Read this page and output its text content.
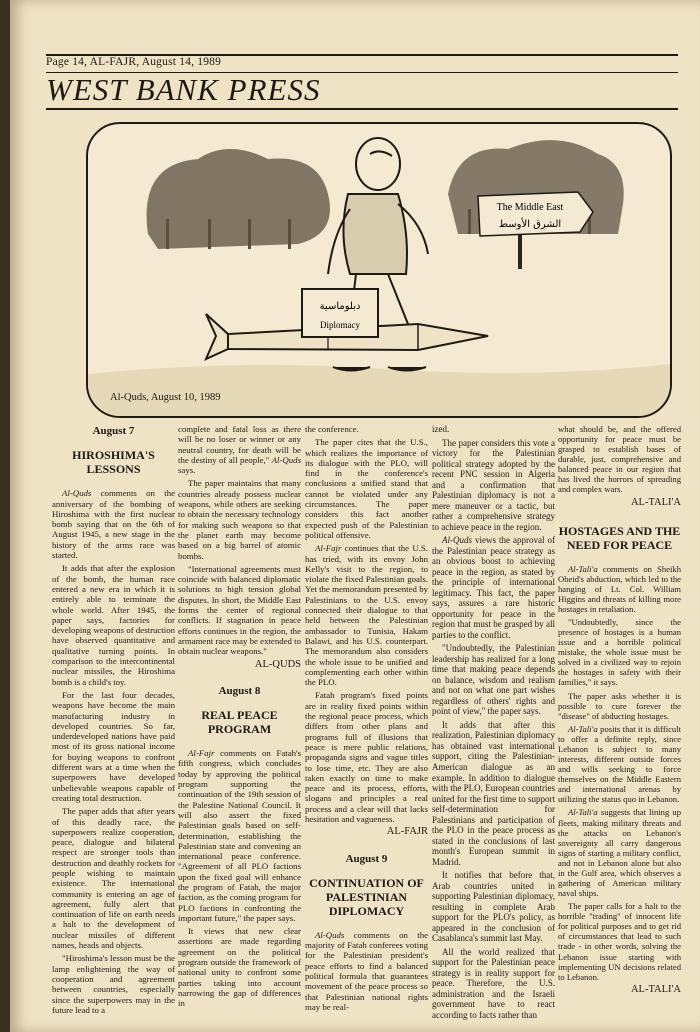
Page 14, AL-FAJR, August 14, 1989
WEST BANK PRESS
The Middle East
الشرق الأوسط
دبلوماسية
Diplomacy
Al-Quds, August 10, 1989
August 7
HIROSHIMA'S LESSONS

Al-Quds comments on the anniversary of the bombing of Hiroshima with the first nuclear bomb saying that on the 6th of August 1945, a new stage in the history of the arms race was started.

It adds that after the explosion of the bomb, the human race entered a new era in which it is entirely able to terminate the whole world. After 1945, the paper says, factories for developing weapons of destruction have observed quantitative and qualitative turning points. In comparison to the intercontinental nuclear missiles, the Hiroshima bomb is a child's toy.

For the last four decades, weapons have become the main manufacturing industry in developed countries. So far, underdeveloped nations have paid most of its gross national income for buying weapons to confront different wars at a time when the superpowers have developed unbelievable weapons capable of creating total destruction.

The paper adds that after years of this deadly race, the superpowers realize cooperation, peace, dialogue and bilateral respect are stronger tools than destruction and deathly rockets for people wishing to maintain existence. The international community is entering an age of agreement, fully alert that continuation of life on earth needs a halt to the development of nuclear missiles of different names, heads and objects.

"Hiroshima's lesson must be the lamp enlightening the way of cooperation and agreement between countries, especially since the superpowers may in the future lead to a

complete and fatal loss as there will be no loser or winner or any neutral country, for death will be the destiny of all people," Al-Quds says.

The paper maintains that many countries already possess nuclear weapons, while others are seeking to obtain the necessary technology for making such weapons so that the planet earth may become based on a big barrel of atomic bombs.

"International agreements must coincide with balanced diplomatic solutions to high tension global disputes. In short, the Middle East forms the center of regional conflicts. If stagnation in peace efforts continues in the region, the armament race may be extended to obtain nuclear weapons."

AL-QUDS

August 8
REAL PEACE PROGRAM

Al-Fajr comments on Fatah's fifth congress, which concludes today by approving the political program supporting the continuation of the 19th session of the Palestine National Council. It will also assert the fixed Palestinian goals based on self-determination, establishing the Palestinian state and convening an international peace conference. "Agreement of all PLO factions upon the fixed goal will enhance the program of Fatah, the major faction, as the coming program for PLO factions in confronting the important future," the paper says.

It views that new clear assertions are made regarding agreement on the political program outside the framework of national unity to confront some parties taking into account narrowing the gap of differences in

the conference.

The paper cites that the U.S., which realizes the importance of its dialogue with the PLO, will find in the conference's conclusions a unified stand that cannot be violated under any circumstances. The paper considers this fact another expected push of the Palestinian political offensive.

Al-Fajr continues that the U.S. has tried, with its envoy John Kelly's visit to the region, to violate the fixed Palestinian goals. Yet the memorandum presented by Palestinians to the U.S. envoy connected their dialogue to that held between the Palestinian ambassador to Tunisia, Hakam Balawi, and his U.S. counterpart. The memorandum also considers the whole issue to be unified and complementing each other within the PLO.

Fatah program's fixed points are in reality fixed points within the regional peace process, which differs from other plans and programs full of illusions that peace is mere public relations, propaganda signs and vague titles to lose time, etc. They are also taken exactly on time to make peace and its process, efforts, slogans and principles a real process and a clear will that lacks hesitation and vagueness.

AL-FAJR

August 9
CONTINUATION OF PALESTINIAN DIPLOMACY

Al-Quds comments on the majority of Fatah conferees voting for the Palestinian president's peace efforts to find a balanced political formula that guarantees movement of the peace process so that Palestinian national rights may be real-

ized.

The paper considers this vote a victory for the Palestinian political strategy adopted by the recent PNC session in Algeria and a confirmation that Palestinian diplomacy is not a mere maneuver or a tactic, but rather a comprehensive strategy to achieve peace in the region.

Al-Quds views the approval of the Palestinian peace strategy as an obvious boost to achieving peace in the region, as stated by the principle of international legitimacy. This fact, the paper says, assures a rare historic opportunity for peace in the region that must be grasped by all parties to the conflict.

"Undoubtedly, the Palestinian leadership has realized for a long time that making peace depends on balance, wisdom and realism and not on what one part wishes regardless of others' rights and point of view," the paper says.

It adds that after this realization, Palestinian diplomacy has obtained vast international support, citing the Palestinian-American dialogue as an example. In addition to dialogue with the PLO, European countries united for the first time to support self-determination for Palestinians and participation of the PLO in the peace process as stated in the conclusions of last month's European summit in Madrid.

It notifies that before that, Arab countries united in supporting Palestinian diplomacy, resulting in complete Arab support for the PLO's policy, as appeared in the conclusion of Casablanca's summit last May.

All the world realized that support for the Palestinian peace strategy is in reality support for peace. Therefore, the U.S. administration and the Israeli government have to react according to facts rather than

what should be, and the offered opportunity for peace must be grasped to establish bases of durable, just, comprehensive and balanced peace in our region that has lived the horrors of spreading and complex wars.

AL-TALI'A

HOSTAGES AND THE NEED FOR PEACE

Al-Tali'a comments on Sheikh Obeid's abduction, which led to the hanging of Lt. Col. William Higgins and threats of killing more hostages in retaliation.

"Undoubtedly, since the presence of hostages is a human issue and a horrible political mistake, the whole issue must be solved in a civilized way to rejoin the hostages in safety with their families," it says.

The paper asks whether it is possible to cure forever the "disease" of abducting hostages.

Al-Tali'a posits that it is difficult to offer a definite reply, since Lebanon is subject to many interests, different outside forces and wills seeking to force themselves on the Middle Eastern and international arenas by utilizing the status quo in Lebanon.

Al-Tali'a suggests that lining up fleets, making military threats and the attacks on Lebanon's sovereignty all carry dangerous signs of starting a military conflict, and not in Lebanon alone but also in the Gulf area, which observes a gathering of American military naval ships.

The paper calls for a halt to the horrible "trading" of innocent life for political purposes and to get rid of circumstances that lead to such trade - in other words, solving the Lebanon issue starting with implementing UN decisions related to Lebanon.

AL-TALI'A
